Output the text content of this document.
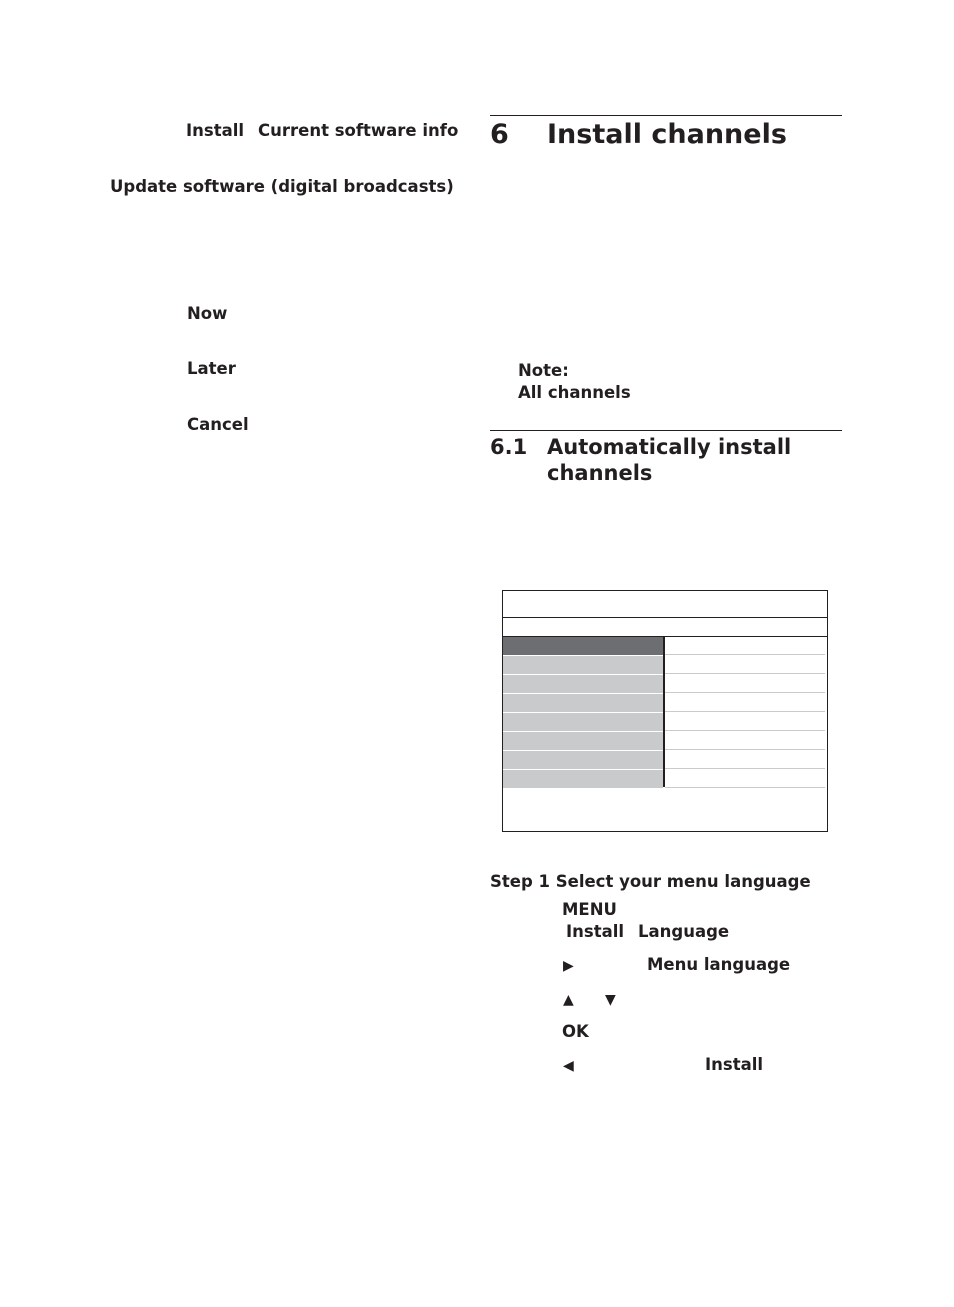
Install Current software info
Update software (digital broadcasts)
Now
Later
Cancel
6 Install channels
Note:
All channels
6.1 Automatically install channels
Step 1 Select your menu language
MENU
Install Language
▶	Menu language
▲ ▼
OK
◀	Install
